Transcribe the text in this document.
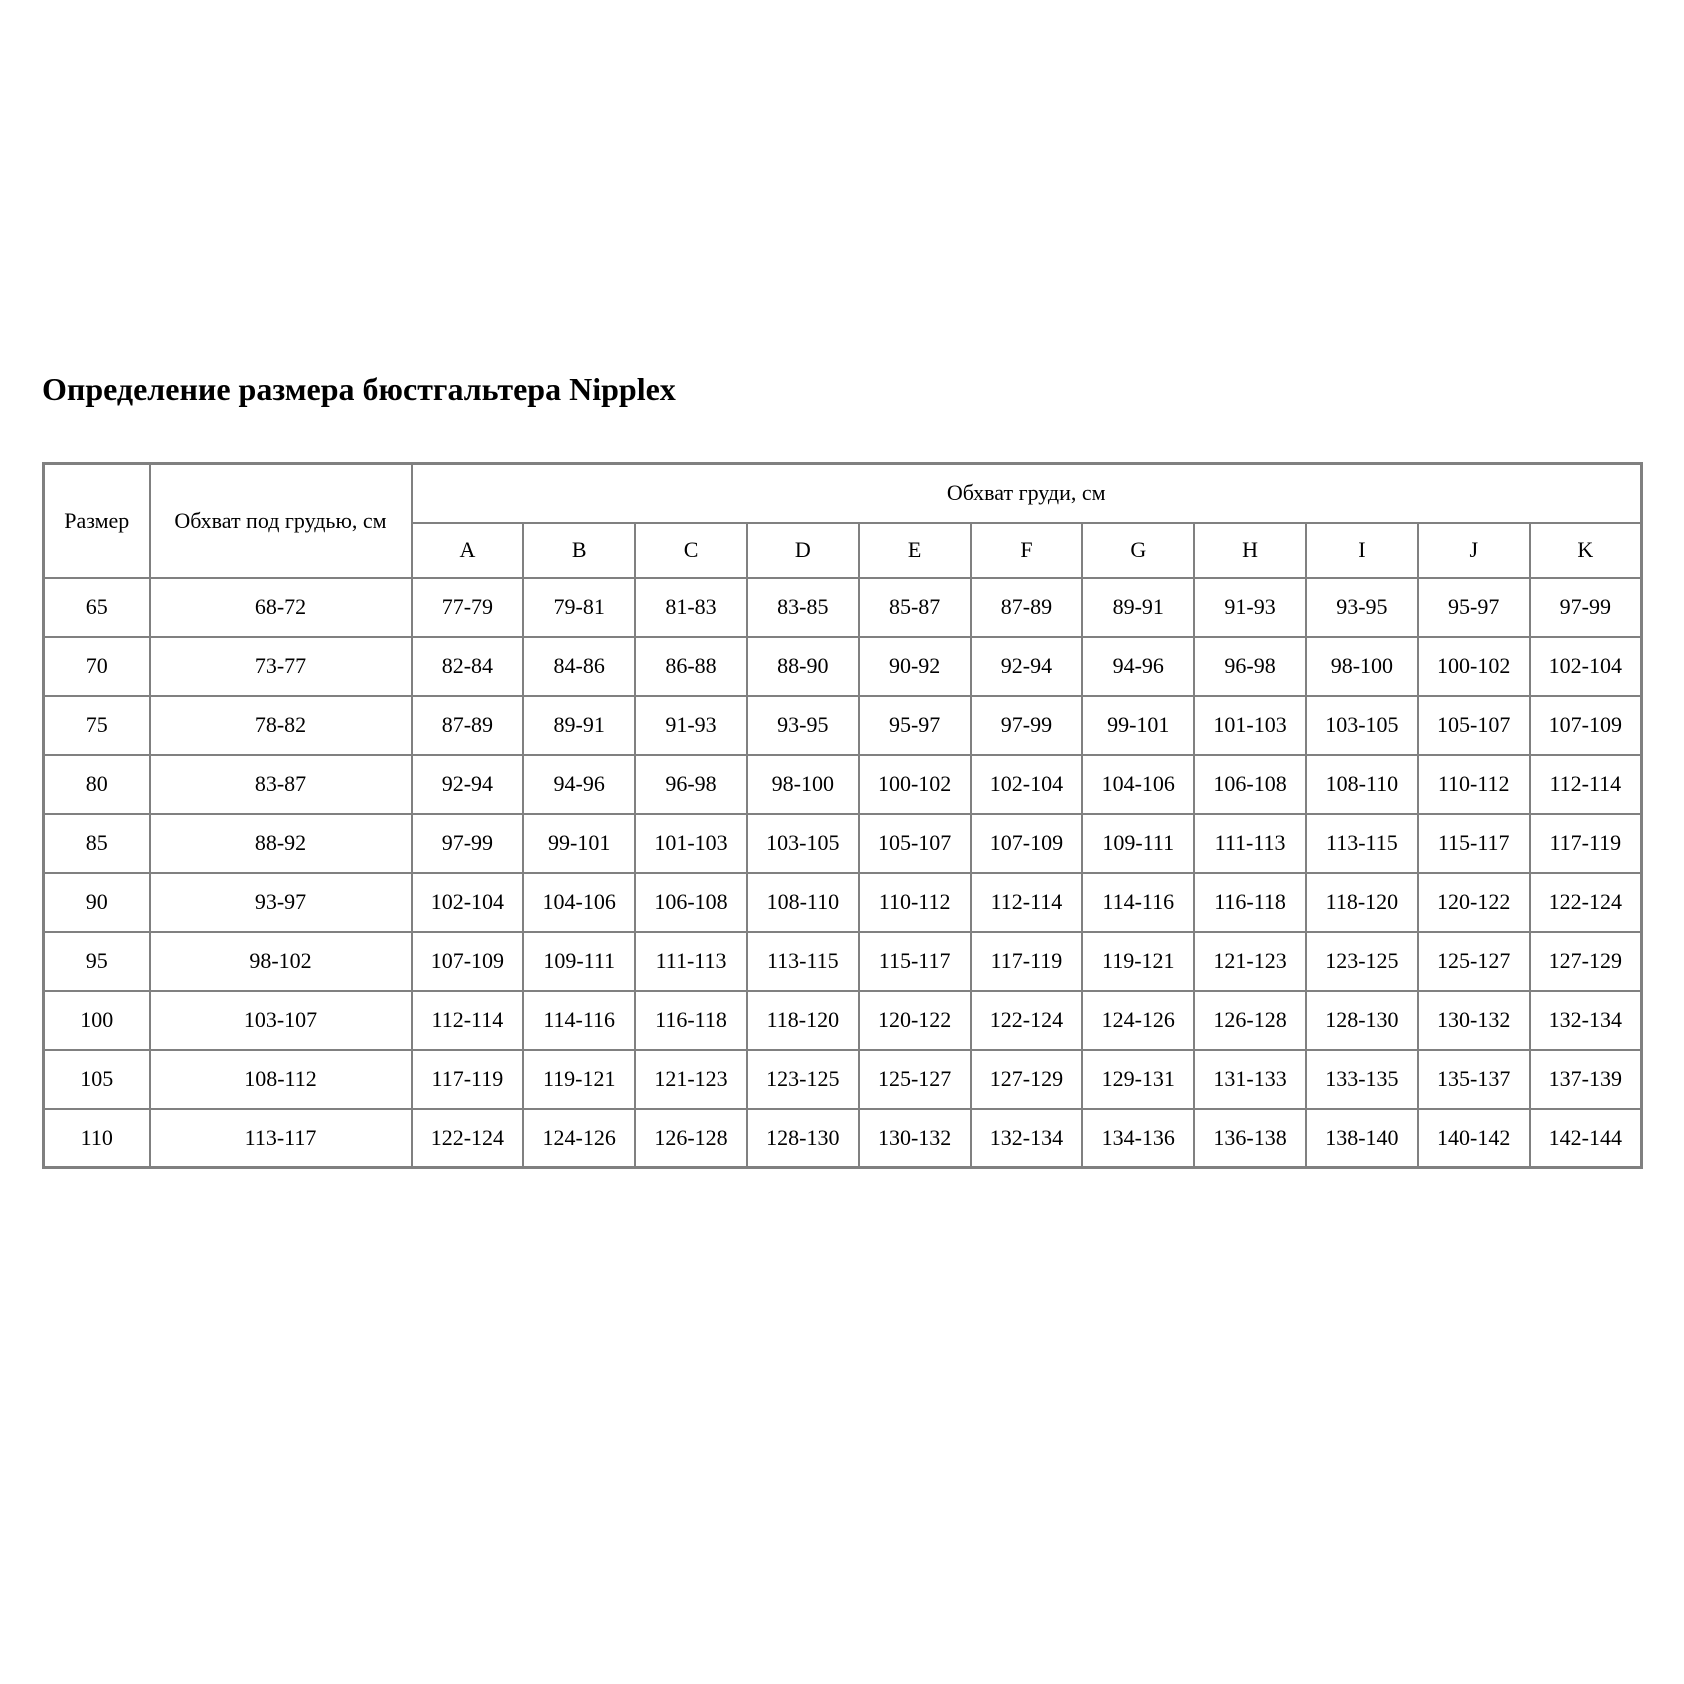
Определение размера бюстгальтера Nipplex
Размер	Обхват под грудью, см	Обхват груди, см										
		A	B	C	D	E	F	G	H	I	J	K
65	68-72	77-79	79-81	81-83	83-85	85-87	87-89	89-91	91-93	93-95	95-97	97-99
70	73-77	82-84	84-86	86-88	88-90	90-92	92-94	94-96	96-98	98-100	100-102	102-104
75	78-82	87-89	89-91	91-93	93-95	95-97	97-99	99-101	101-103	103-105	105-107	107-109
80	83-87	92-94	94-96	96-98	98-100	100-102	102-104	104-106	106-108	108-110	110-112	112-114
85	88-92	97-99	99-101	101-103	103-105	105-107	107-109	109-111	111-113	113-115	115-117	117-119
90	93-97	102-104	104-106	106-108	108-110	110-112	112-114	114-116	116-118	118-120	120-122	122-124
95	98-102	107-109	109-111	111-113	113-115	115-117	117-119	119-121	121-123	123-125	125-127	127-129
100	103-107	112-114	114-116	116-118	118-120	120-122	122-124	124-126	126-128	128-130	130-132	132-134
105	108-112	117-119	119-121	121-123	123-125	125-127	127-129	129-131	131-133	133-135	135-137	137-139
110	113-117	122-124	124-126	126-128	128-130	130-132	132-134	134-136	136-138	138-140	140-142	142-144
